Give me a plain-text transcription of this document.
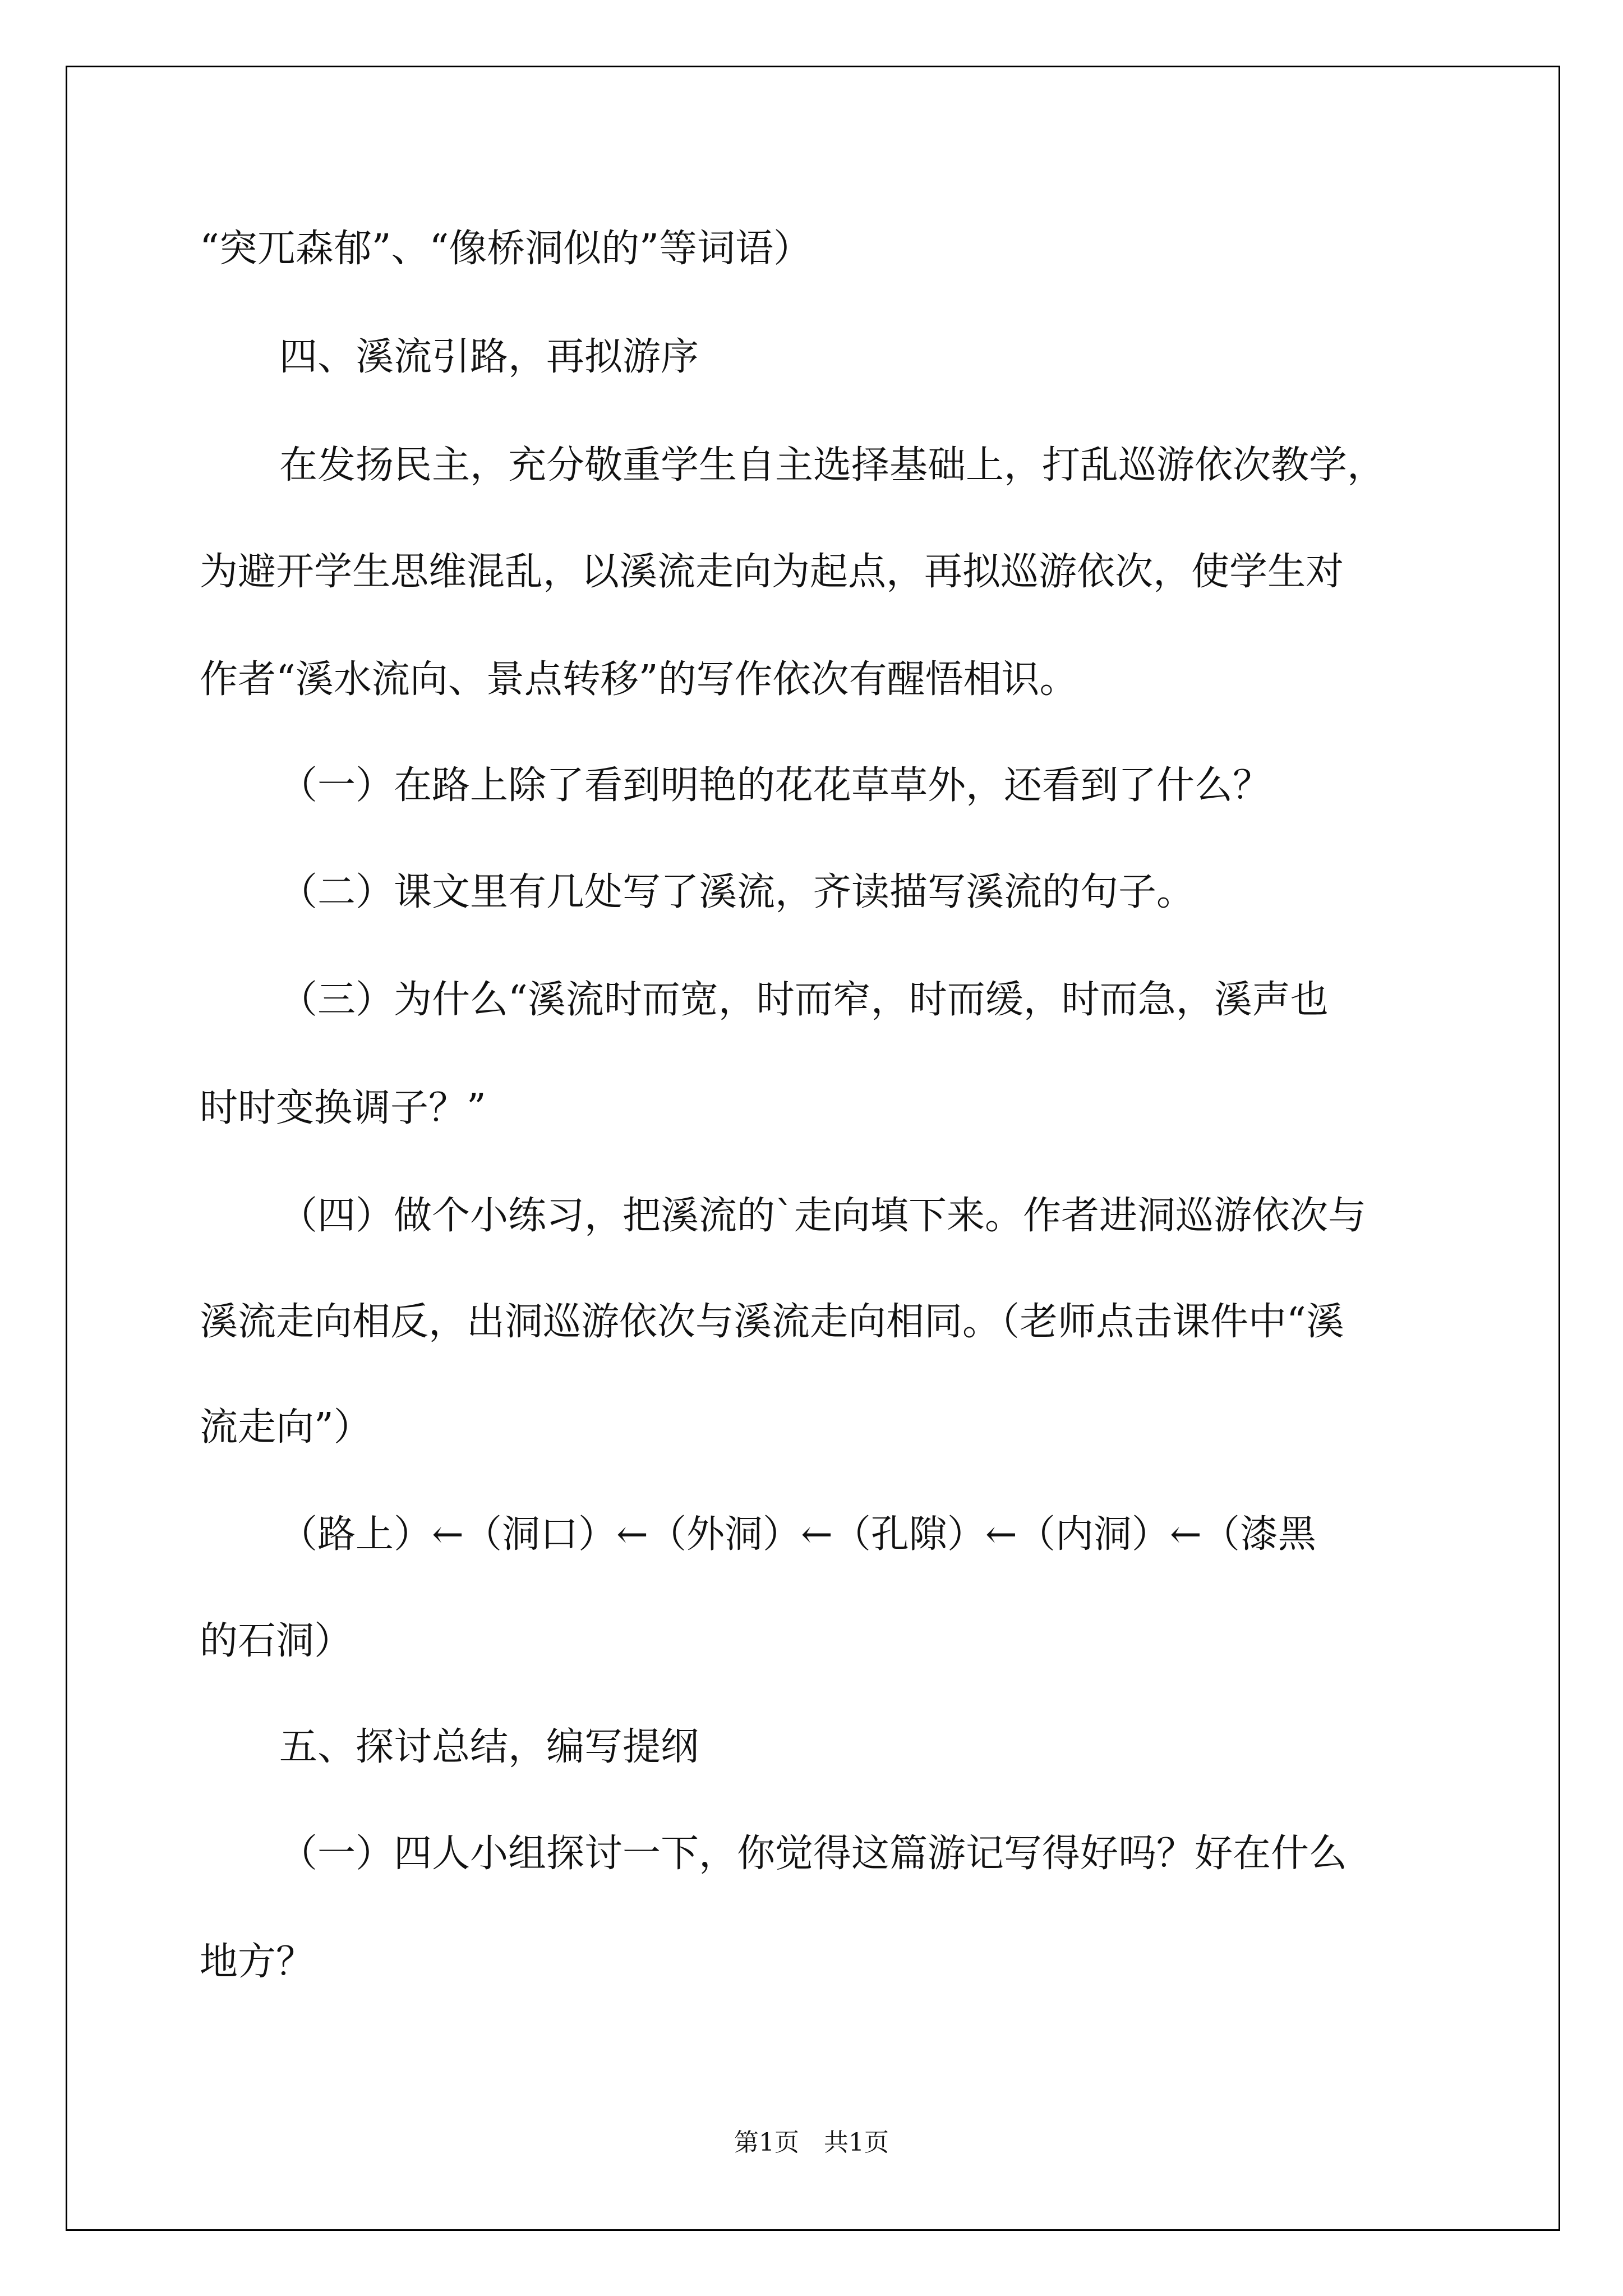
“突兀森郁”、“像桥洞似的”等词语）
四、溪流引路，再拟游序
在发扬民主，充分敬重学生自主选择基础上，打乱巡游依次教学，
为避开学生思维混乱，以溪流走向为起点，再拟巡游依次，使学生对
作者“溪水流向、景点转移”的写作依次有醒悟相识。
（一）在路上除了看到明艳的花花草草外，还看到了什么？
（二）课文里有几处写了溪流，齐读描写溪流的句子。
（三）为什么“溪流时而宽，时而窄，时而缓，时而急，溪声也
时时变换调子？”
（四）做个小练习，把溪流的`走向填下来。作者进洞巡游依次与
溪流走向相反，出洞巡游依次与溪流走向相同。（老师点击课件中“溪
流走向”）
（路上）←（洞口）←（外洞）←（孔隙）←（内洞）←（漆黑
的石洞）
五、探讨总结，编写提纲
（一）四人小组探讨一下，你觉得这篇游记写得好吗？好在什么
地方？
第1页　共1页
